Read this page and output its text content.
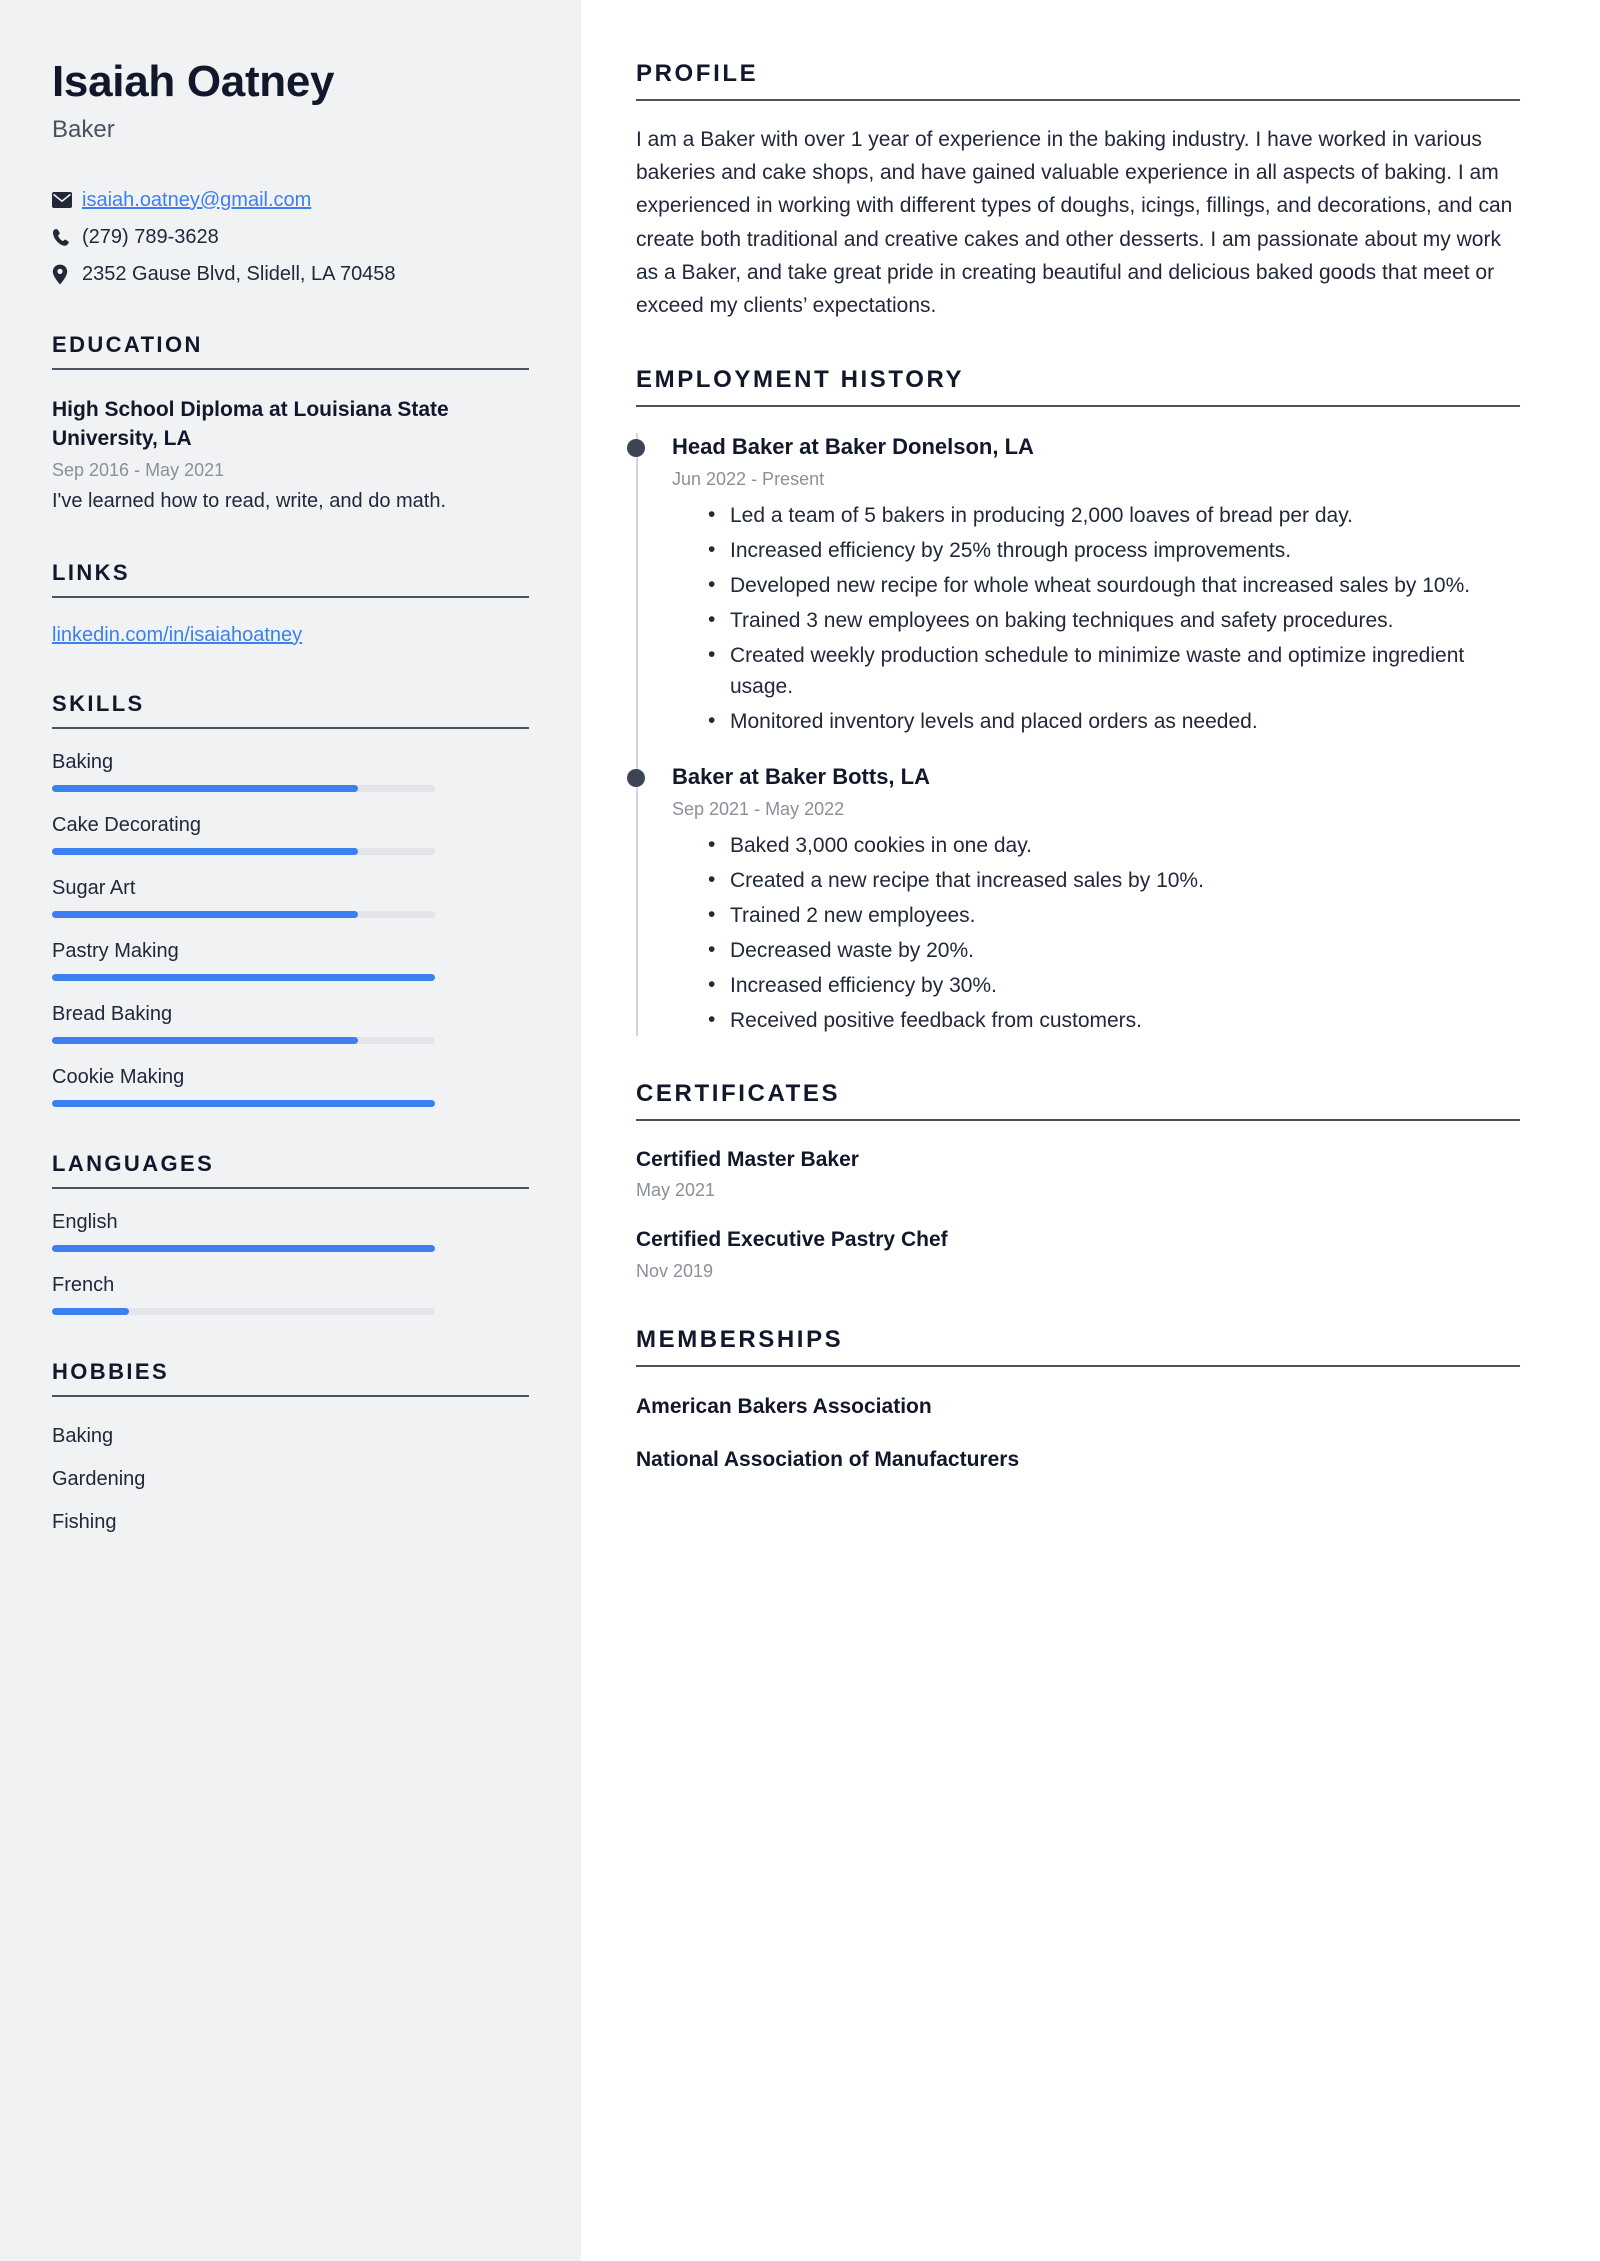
Isaiah Oatney
Baker
isaiah.oatney@gmail.com
(279) 789-3628
2352 Gause Blvd, Slidell, LA 70458
EDUCATION
High School Diploma at Louisiana State University, LA
Sep 2016 - May 2021
I've learned how to read, write, and do math.
LINKS
linkedin.com/in/isaiahoatney
SKILLS
Baking
Cake Decorating
Sugar Art
Pastry Making
Bread Baking
Cookie Making
LANGUAGES
English
French
HOBBIES
Baking
Gardening
Fishing
PROFILE

I am a Baker with over 1 year of experience in the baking industry. I have worked in various bakeries and cake shops, and have gained valuable experience in all aspects of baking. I am experienced in working with different types of doughs, icings, fillings, and decorations, and can create both traditional and creative cakes and other desserts. I am passionate about my work as a Baker, and take great pride in creating beautiful and delicious baked goods that meet or exceed my clients’ expectations.

EMPLOYMENT HISTORY
Head Baker at Baker Donelson, LA
Jun 2022 - Present
• Led a team of 5 bakers in producing 2,000 loaves of bread per day.
• Increased efficiency by 25% through process improvements.
• Developed new recipe for whole wheat sourdough that increased sales by 10%.
• Trained 3 new employees on baking techniques and safety procedures.
• Created weekly production schedule to minimize waste and optimize ingredient usage.
• Monitored inventory levels and placed orders as needed.
Baker at Baker Botts, LA
Sep 2021 - May 2022
• Baked 3,000 cookies in one day.
• Created a new recipe that increased sales by 10%.
• Trained 2 new employees.
• Decreased waste by 20%.
• Increased efficiency by 30%.
• Received positive feedback from customers.
CERTIFICATES
Certified Master Baker
May 2021
Certified Executive Pastry Chef
Nov 2019
MEMBERSHIPS
American Bakers Association
National Association of Manufacturers
